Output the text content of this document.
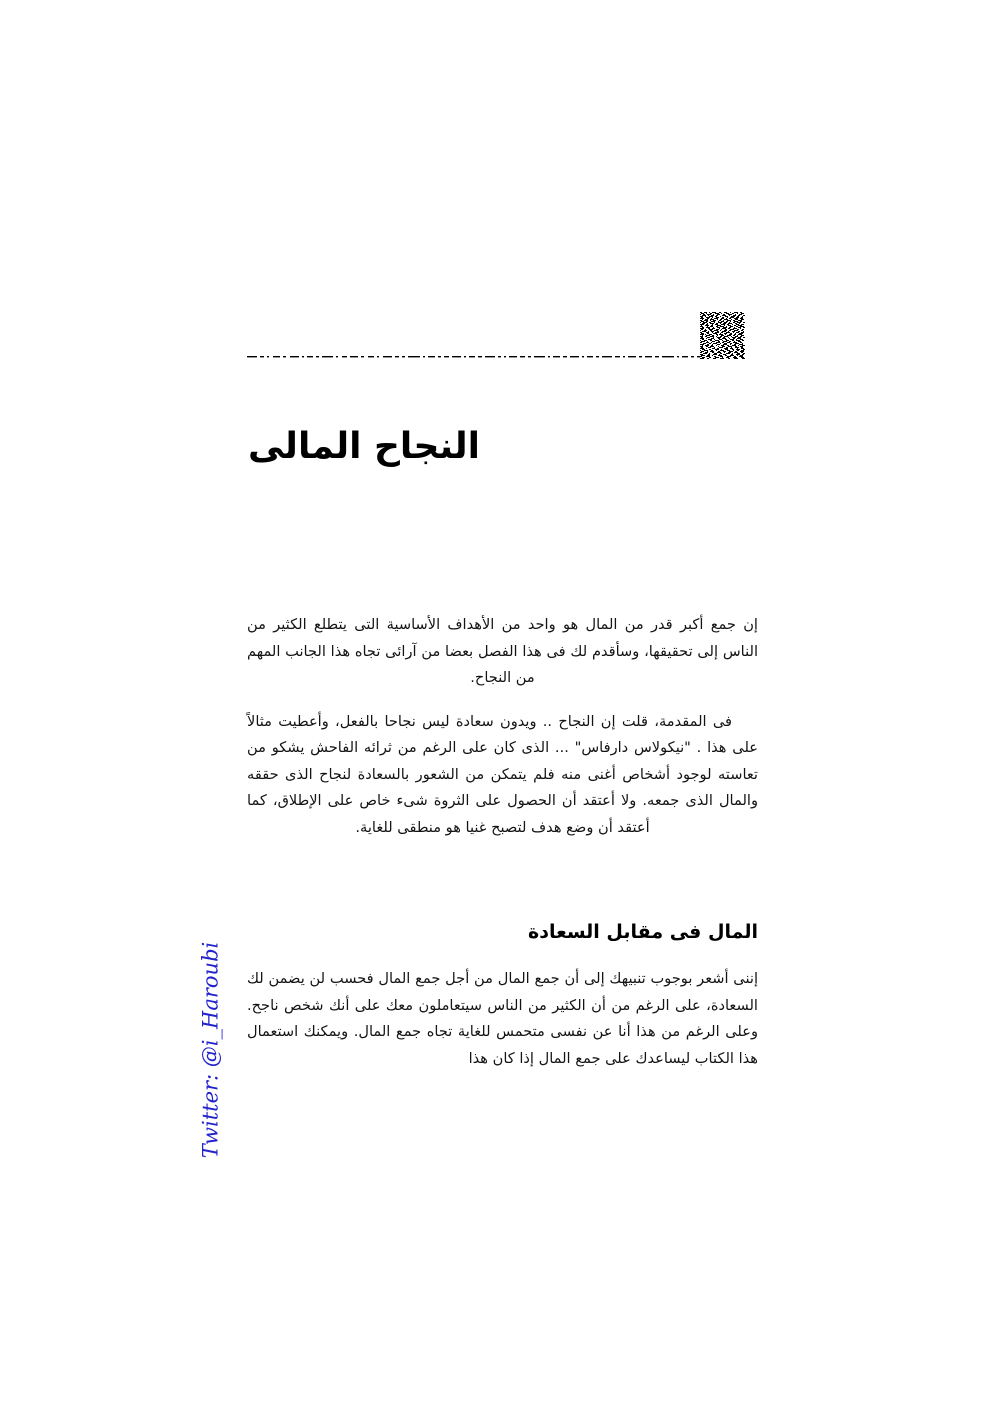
النجاح المالى

إن جمع أكبر قدر من المال هو واحد من الأهداف الأساسية التى يتطلع الكثير من الناس إلى تحقيقها، وسأقدم لك فى هذا الفصل بعضا من آرائى تجاه هذا الجانب المهم من النجاح.

فى المقدمة، قلت إن النجاح .. ويدون سعادة ليس نجاحا بالفعل، وأعطيت مثالاً على هذا . "نيكولاس دارفاس" ... الذى كان على الرغم من ثرائه الفاحش يشكو من تعاسته لوجود أشخاص أغنى منه فلم يتمكن من الشعور بالسعادة لنجاح الذى حققه والمال الذى جمعه. ولا أعتقد أن الحصول على الثروة شىء خاص على الإطلاق، كما أعتقد أن وضع هدف لتصبح غنيا هو منطقى للغاية.

المال فى مقابل السعادة

إننى أشعر بوجوب تنبيهك إلى أن جمع المال من أجل جمع المال فحسب لن يضمن لك السعادة، على الرغم من أن الكثير من الناس سيتعاملون معك على أنك شخص ناجح. وعلى الرغم من هذا أنا عن نفسى متحمس للغاية تجاه جمع المال. ويمكنك استعمال هذا الكتاب ليساعدك على جمع المال إذا كان هذا

Twitter: @i_Haroubi
